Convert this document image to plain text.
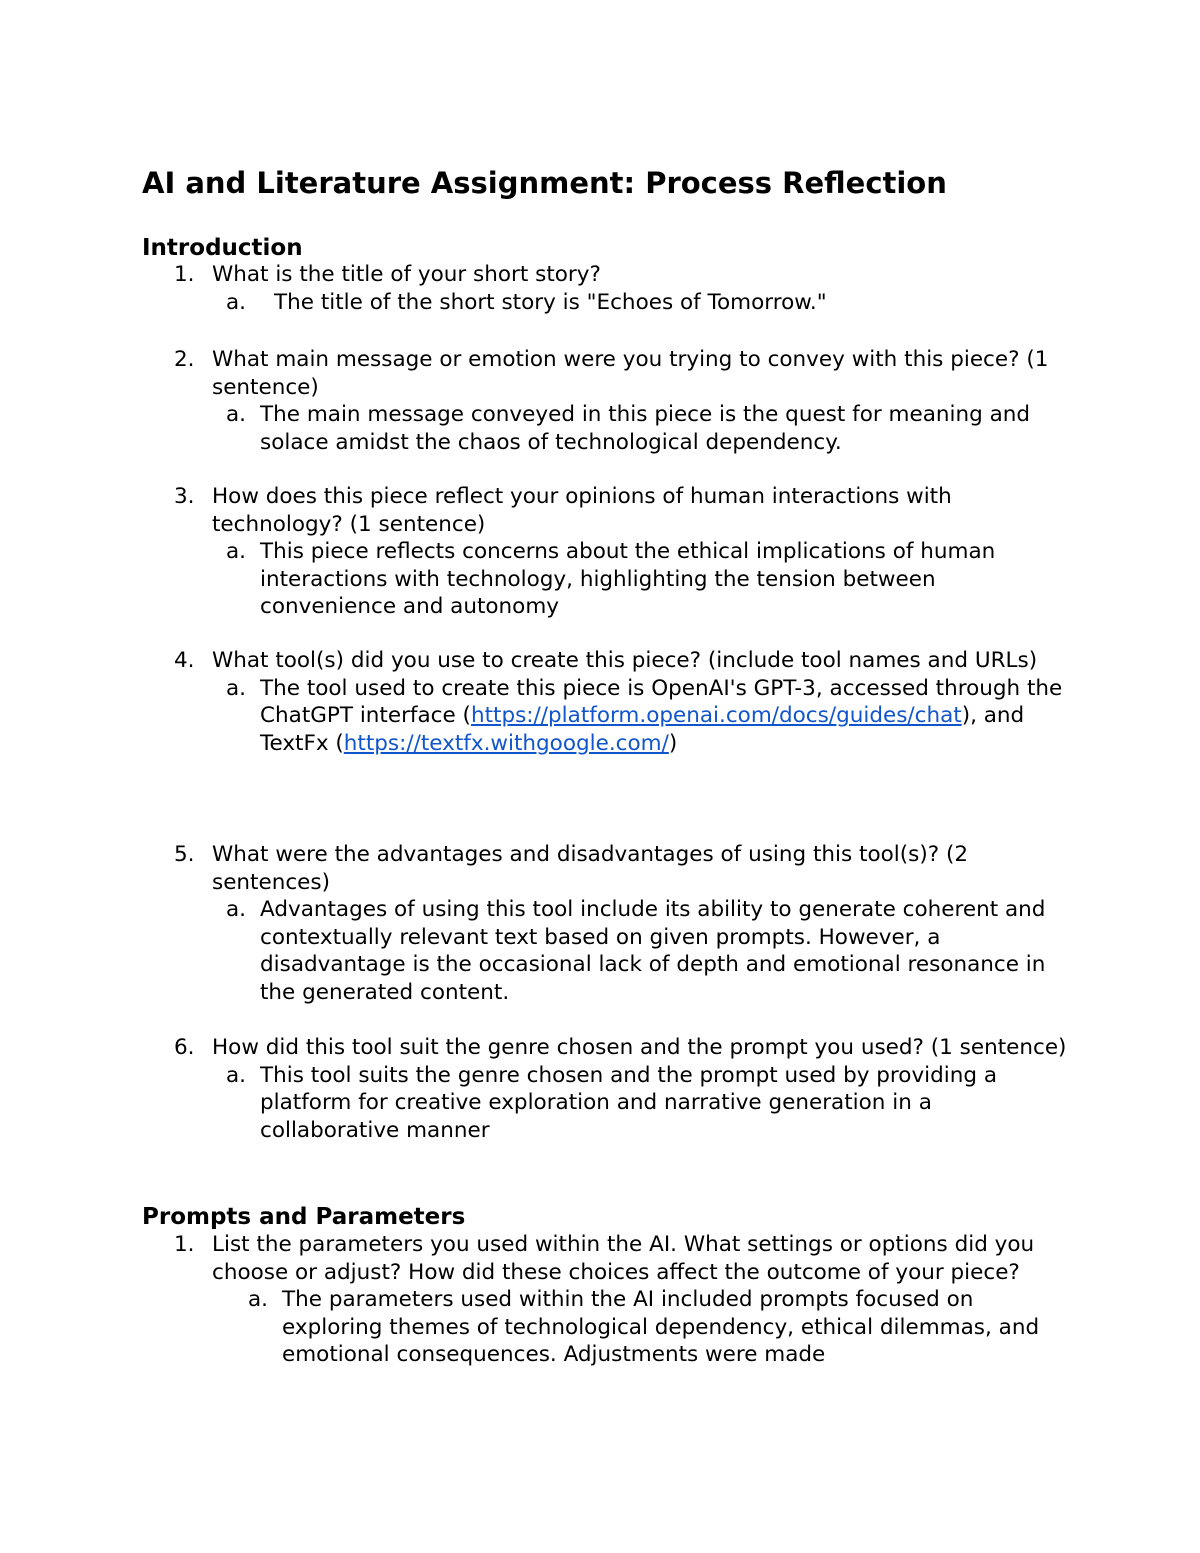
AI and Literature Assignment: Process Reflection
Introduction
1. What is the title of your short story?
a. The title of the short story is "Echoes of Tomorrow."
2. What main message or emotion were you trying to convey with this piece? (1 sentence)
a. The main message conveyed in this piece is the quest for meaning and solace amidst the chaos of technological dependency.
3. How does this piece reflect your opinions of human interactions with technology? (1 sentence)
a. This piece reflects concerns about the ethical implications of human interactions with technology, highlighting the tension between convenience and autonomy
4. What tool(s) did you use to create this piece? (include tool names and URLs)
a. The tool used to create this piece is OpenAI's GPT-3, accessed through the ChatGPT interface (https://platform.openai.com/docs/guides/chat), and TextFx (https://textfx.withgoogle.com/)
5. What were the advantages and disadvantages of using this tool(s)? (2 sentences)
a. Advantages of using this tool include its ability to generate coherent and contextually relevant text based on given prompts. However, a disadvantage is the occasional lack of depth and emotional resonance in the generated content.
6. How did this tool suit the genre chosen and the prompt you used? (1 sentence)
a. This tool suits the genre chosen and the prompt used by providing a platform for creative exploration and narrative generation in a collaborative manner
Prompts and Parameters
1. List the parameters you used within the AI. What settings or options did you choose or adjust? How did these choices affect the outcome of your piece?
a. The parameters used within the AI included prompts focused on exploring themes of technological dependency, ethical dilemmas, and emotional consequences. Adjustments were made
